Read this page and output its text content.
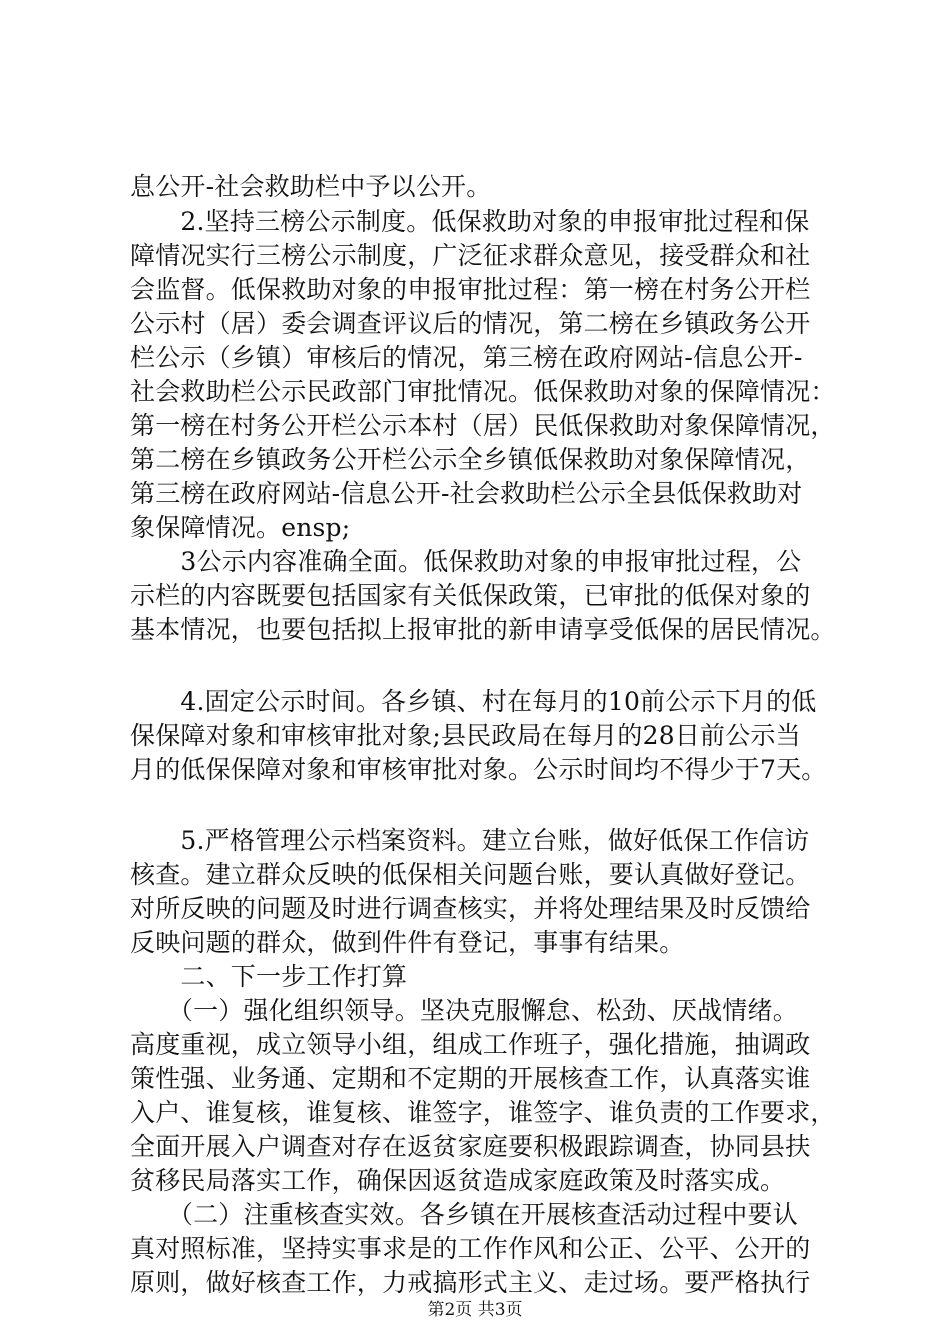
息公开-社会救助栏中予以公开。
　　2.坚持三榜公示制度。低保救助对象的申报审批过程和保
障情况实行三榜公示制度，广泛征求群众意见，接受群众和社
会监督。低保救助对象的申报审批过程：第一榜在村务公开栏
公示村（居）委会调查评议后的情况，第二榜在乡镇政务公开
栏公示（乡镇）审核后的情况，第三榜在政府网站-信息公开-
社会救助栏公示民政部门审批情况。低保救助对象的保障情况：
第一榜在村务公开栏公示本村（居）民低保救助对象保障情况，
第二榜在乡镇政务公开栏公示全乡镇低保救助对象保障情况，
第三榜在政府网站-信息公开-社会救助栏公示全县低保救助对
象保障情况。ensp;
　　3公示内容准确全面。低保救助对象的申报审批过程，公
示栏的内容既要包括国家有关低保政策，已审批的低保对象的
基本情况，也要包括拟上报审批的新申请享受低保的居民情况。
　　4.固定公示时间。各乡镇、村在每月的10前公示下月的低
保保障对象和审核审批对象;县民政局在每月的28日前公示当
月的低保保障对象和审核审批对象。公示时间均不得少于7天。
　　5.严格管理公示档案资料。建立台账，做好低保工作信访
核查。建立群众反映的低保相关问题台账，要认真做好登记。
对所反映的问题及时进行调查核实，并将处理结果及时反馈给
反映问题的群众，做到件件有登记，事事有结果。
　　二、下一步工作打算
　　（一）强化组织领导。坚决克服懈怠、松劲、厌战情绪。
高度重视，成立领导小组，组成工作班子，强化措施，抽调政
策性强、业务通、定期和不定期的开展核查工作，认真落实谁
入户、谁复核，谁复核、谁签字，谁签字、谁负责的工作要求，
全面开展入户调查对存在返贫家庭要积极跟踪调查，协同县扶
贫移民局落实工作，确保因返贫造成家庭政策及时落实成。
　　（二）注重核查实效。各乡镇在开展核查活动过程中要认
真对照标准，坚持实事求是的工作作风和公正、公平、公开的
原则，做好核查工作，力戒搞形式主义、走过场。要严格执行
第2页 共3页
